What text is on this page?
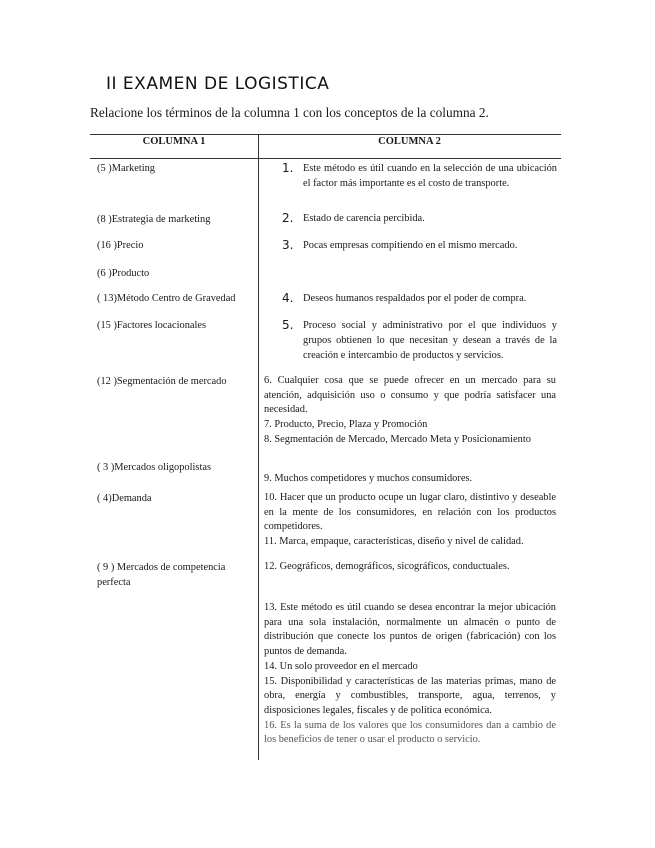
II EXAMEN DE LOGISTICA
Relacione los términos de la columna 1 con los conceptos de la columna 2.
COLUMNA 1	COLUMNA 2
(5 )Marketing
(8 )Estrategia de marketing
(16 )Precio
(6 )Producto
( 13)Método Centro de Gravedad
(15 )Factores locacionales
(12 )Segmentación de mercado
( 3 )Mercados oligopolistas
( 4)Demanda
( 9 ) Mercados de competencia perfecta
1. Este método es útil cuando en la selección de una ubicación el factor más importante es el costo de transporte.
2. Estado de carencia percibida.
3. Pocas empresas compitiendo en el mismo mercado.
4. Deseos humanos respaldados por el poder de compra.
5. Proceso social y administrativo por el que individuos y grupos obtienen lo que necesitan y desean a través de la creación e intercambio de productos y servicios.

6. Cualquier cosa que se puede ofrecer en un mercado para su atención, adquisición uso o consumo y que podría satisfacer una necesidad.

7. Producto, Precio, Plaza y Promoción

8. Segmentación de Mercado, Mercado Meta y Posicionamiento

9. Muchos competidores y muchos consumidores.

10. Hacer que un producto ocupe un lugar claro, distintivo y deseable en la mente de los consumidores, en relación con los productos competidores.

11. Marca, empaque, características, diseño y nivel de calidad.

12. Geográficos, demográficos, sicográficos, conductuales.

13. Este método es útil cuando se desea encontrar la mejor ubicación para una sola instalación, normalmente un almacén o punto de distribución que conecte los puntos de origen (fabricación) con los puntos de demanda.

14. Un solo proveedor en el mercado

15. Disponibilidad y características de las materias primas, mano de obra, energía y combustibles, transporte, agua, terrenos, y disposiciones legales, fiscales y de política económica.

16. Es la suma de los valores que los consumidores dan a cambio de los beneficios de tener o usar el producto o servicio.
